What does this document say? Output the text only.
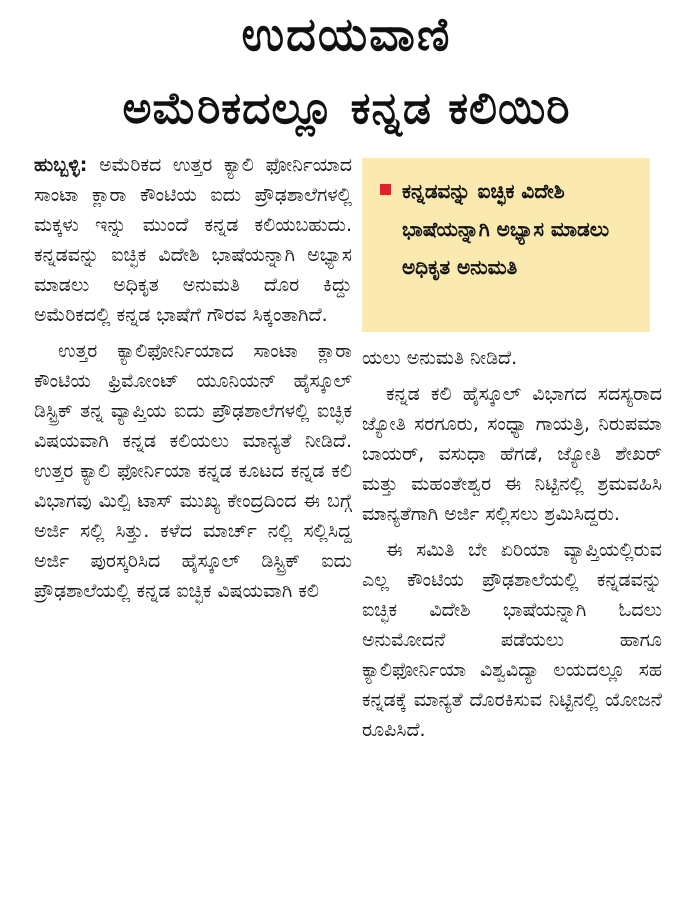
ಉದಯವಾಣಿ
ಅಮೆರಿಕದಲ್ಲೂ ಕನ್ನಡ ಕಲಿಯಿರಿ

ಹುಬ್ಬಳ್ಳಿ: ಅಮೆರಿಕದ ಉತ್ತರ ಕ್ಯಾಲಿ ಫೋರ್ನಿಯಾದ ಸಾಂಟಾ ಕ್ಲಾರಾ ಕೌಂಟಿಯ ಐದು ಪ್ರೌಢಶಾಲೆಗಳಲ್ಲಿ ಮಕ್ಕಳು ಇನ್ನು ಮುಂದೆ ಕನ್ನಡ ಕಲಿಯಬಹುದು. ಕನ್ನಡವನ್ನು ಐಚ್ಛಿಕ ವಿದೇಶಿ ಭಾಷೆಯನ್ನಾಗಿ ಅಭ್ಯಾಸ ಮಾಡಲು ಅಧಿಕೃತ ಅನುಮತಿ ದೊರ ಕಿದ್ದು ಅಮೆರಿಕದಲ್ಲಿ ಕನ್ನಡ ಭಾಷೆಗೆ ಗೌರವ ಸಿಕ್ಕಂತಾಗಿದೆ.

ಉತ್ತರ ಕ್ಯಾಲಿಫೋರ್ನಿಯಾದ ಸಾಂಟಾ ಕ್ಲಾರಾ ಕೌಂಟಿಯ ಫ್ರಿಮೋಂಟ್ ಯೂನಿಯನ್ ಹೈಸ್ಕೂಲ್ ಡಿಸ್ಟ್ರಿಕ್ ತನ್ನ ವ್ಯಾಪ್ತಿಯ ಐದು ಪ್ರೌಢಶಾಲೆಗಳಲ್ಲಿ ಐಚ್ಛಿಕ ವಿಷಯವಾಗಿ ಕನ್ನಡ ಕಲಿಯಲು ಮಾನ್ಯತೆ ನೀಡಿದೆ. ಉತ್ತರ ಕ್ಯಾಲಿ ಫೋರ್ನಿಯಾ ಕನ್ನಡ ಕೂಟದ ಕನ್ನಡ ಕಲಿ ವಿಭಾಗವು ಮಿಲ್ಪಿ ಟಾಸ್ ಮುಖ್ಯ ಕೇಂದ್ರದಿಂದ ಈ ಬಗ್ಗೆ ಅರ್ಜಿ ಸಲ್ಲಿ ಸಿತ್ತು. ಕಳೆದ ಮಾರ್ಚ್ ನಲ್ಲಿ ಸಲ್ಲಿಸಿದ್ದ ಅರ್ಜಿ ಪುರಸ್ಕರಿಸಿದ ಹೈಸ್ಕೂಲ್ ಡಿಸ್ಟ್ರಿಕ್ ಐದು ಪ್ರೌಢಶಾಲೆಯಲ್ಲಿ ಕನ್ನಡ ಐಚ್ಛಿಕ ವಿಷಯವಾಗಿ ಕಲಿ

ಕನ್ನಡವನ್ನು ಐಚ್ಛಿಕ ವಿದೇಶಿ ಭಾಷೆಯನ್ನಾಗಿ ಅಭ್ಯಾಸ ಮಾಡಲು ಅಧಿಕೃತ ಅನುಮತಿ

ಯಲು ಅನುಮತಿ ನೀಡಿದೆ.

ಕನ್ನಡ ಕಲಿ ಹೈಸ್ಕೂಲ್ ವಿಭಾಗದ ಸದಸ್ಯರಾದ ಜ್ಯೋತಿ ಸರಗೂರು, ಸಂಧ್ಯಾ ಗಾಯತ್ರಿ, ನಿರುಪಮಾ ಬಾಯರ್, ವಸುಧಾ ಹೆಗಡೆ, ಜ್ಯೋತಿ ಶೇಖರ್ ಮತ್ತು ಮಹಂತೇಶ್ವರ ಈ ನಿಟ್ಟಿನಲ್ಲಿ ಶ್ರಮವಹಿಸಿ ಮಾನ್ಯತೆಗಾಗಿ ಅರ್ಜಿ ಸಲ್ಲಿಸಲು ಶ್ರಮಿಸಿದ್ದರು.

ಈ ಸಮಿತಿ ಬೇ ಏರಿಯಾ ವ್ಯಾಪ್ತಿಯಲ್ಲಿರುವ ಎಲ್ಲ ಕೌಂಟಿಯ ಪ್ರೌಢಶಾಲೆಯಲ್ಲಿ ಕನ್ನಡವನ್ನು ಐಚ್ಛಿಕ ವಿದೇಶಿ ಭಾಷೆಯನ್ನಾಗಿ ಓದಲು ಅನುಮೋದನೆ ಪಡೆಯಲು ಹಾಗೂ ಕ್ಯಾಲಿಫೋರ್ನಿಯಾ ವಿಶ್ವವಿದ್ಯಾ ಲಯದಲ್ಲೂ ಸಹ ಕನ್ನಡಕ್ಕೆ ಮಾನ್ಯತೆ ದೊರಕಿಸುವ ನಿಟ್ಟಿನಲ್ಲಿ ಯೋಜನೆ ರೂಪಿಸಿದೆ.
